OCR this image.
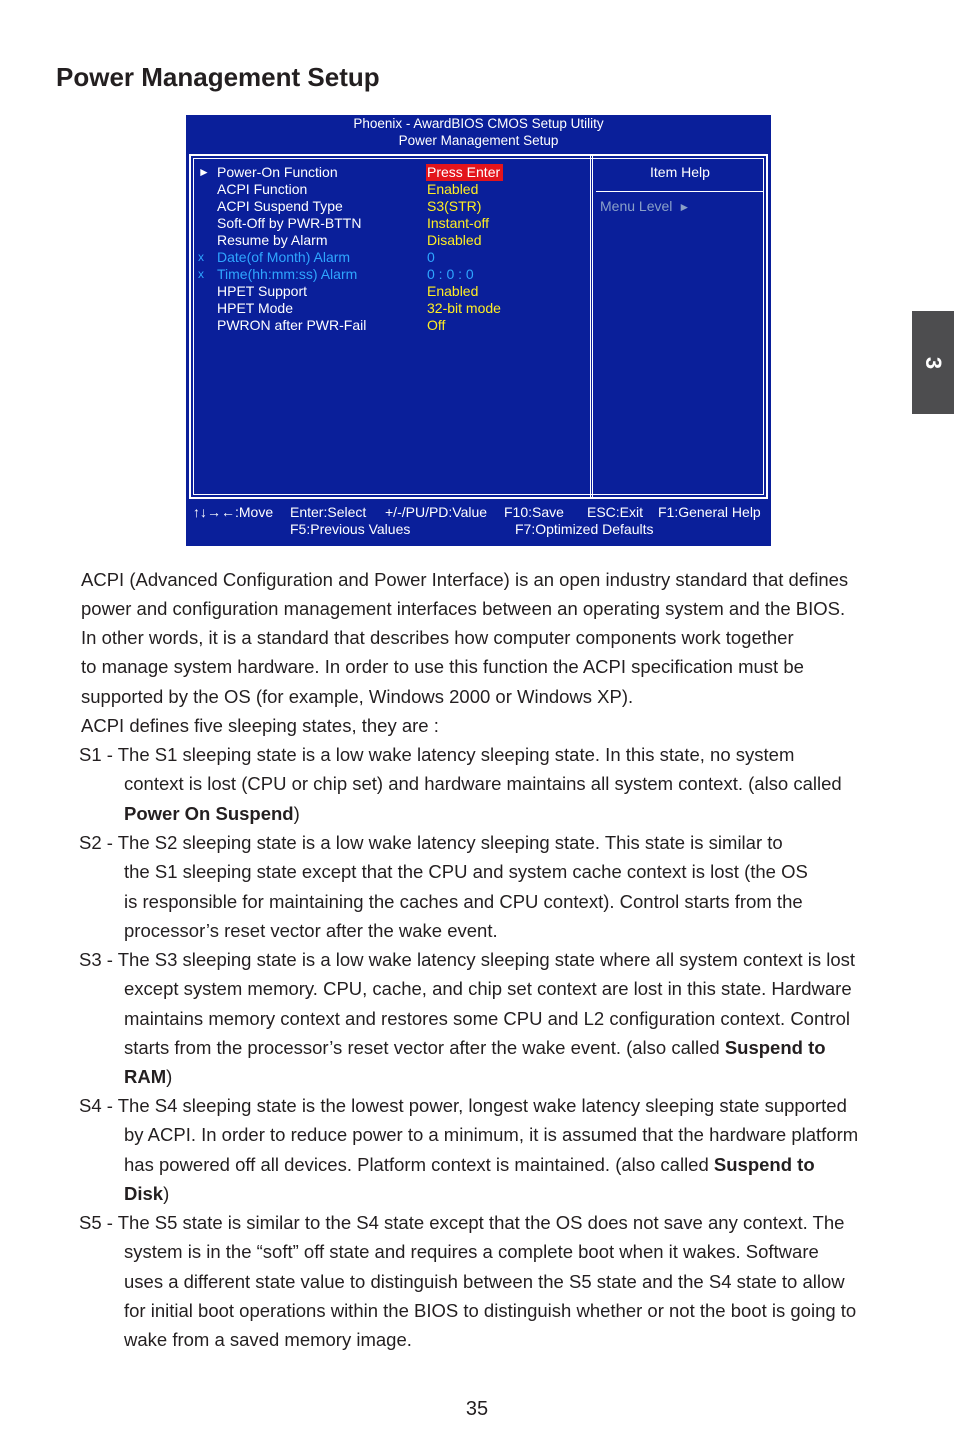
Power Management Setup
3
Phoenix - AwardBIOS CMOS Setup Utility
Power Management Setup
Item Help
Menu Level ►
► Power-On Function	Press Enter
ACPI Function	Enabled
ACPI Suspend Type	S3(STR)
Soft-Off by PWR-BTTN	Instant-off
Resume by Alarm	Disabled
x Date(of Month) Alarm	0
x Time(hh:mm:ss) Alarm	0 : 0 : 0
HPET Support	Enabled
HPET Mode	32-bit mode
PWRON after PWR-Fail	Off
↑↓→←:Move Enter:Select +/-/PU/PD:Value F10:Save ESC:Exit F1:General Help
F5:Previous Values	F7:Optimized Defaults

ACPI (Advanced Configuration and Power Interface) is an open industry standard that defines

power and configuration management interfaces between an operating system and the BIOS.

In other words, it is a standard that describes how computer components work together

to manage system hardware. In order to use this function the ACPI specification must be

supported by the OS (for example, Windows 2000 or Windows XP).

ACPI defines five sleeping states, they are :

S1 - The S1 sleeping state is a low wake latency sleeping state. In this state, no system
context is lost (CPU or chip set) and hardware maintains all system context. (also called
Power On Suspend)
S2 - The S2 sleeping state is a low wake latency sleeping state. This state is similar to
the S1 sleeping state except that the CPU and system cache context is lost (the OS
is responsible for maintaining the caches and CPU context). Control starts from the
processor’s reset vector after the wake event.
S3 - The S3 sleeping state is a low wake latency sleeping state where all system context is lost
except system memory. CPU, cache, and chip set context are lost in this state. Hardware
maintains memory context and restores some CPU and L2 configuration context. Control
starts from the processor’s reset vector after the wake event. (also called Suspend to
RAM)
S4 - The S4 sleeping state is the lowest power, longest wake latency sleeping state supported
by ACPI. In order to reduce power to a minimum, it is assumed that the hardware platform
has powered off all devices. Platform context is maintained. (also called Suspend to
Disk)
S5 - The S5 state is similar to the S4 state except that the OS does not save any context. The
system is in the “soft” off state and requires a complete boot when it wakes. Software
uses a different state value to distinguish between the S5 state and the S4 state to allow
for initial boot operations within the BIOS to distinguish whether or not the boot is going to
wake from a saved memory image.
35
